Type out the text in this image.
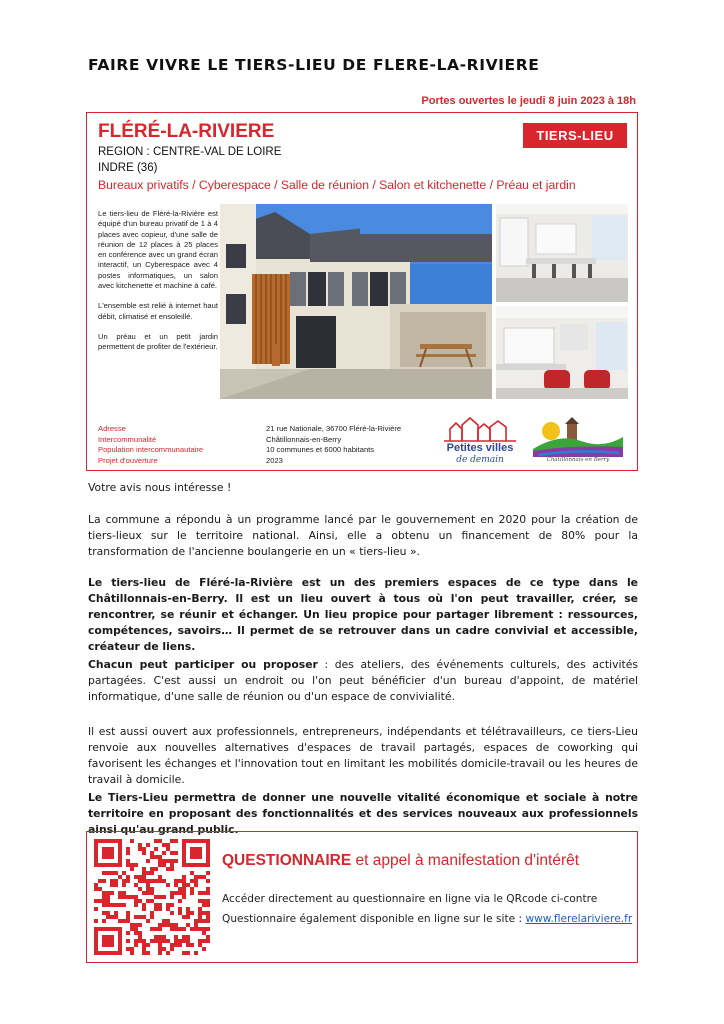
FAIRE VIVRE LE TIERS-LIEU DE FLERE-LA-RIVIERE
Portes ouvertes le jeudi 8 juin 2023 à 18h
FLÉRÉ-LA-RIVIERE
REGION : CENTRE-VAL DE LOIRE
INDRE (36)
Bureaux privatifs / Cyberespace / Salle de réunion / Salon et kitchenette / Préau et jardin
TIERS-LIEU

Le tiers-lieu de Fléré-la-Rivière est équipé d'un bureau privatif de 1 à 4 places avec copieur, d'une salle de réunion de 12 places à 25 places en conférence avec un grand écran interactif, un Cyberespace avec 4 postes informatiques, un salon avec kitchenette et machine à café.

L'ensemble est relié à internet haut débit, climatisé et ensoleillé.

Un préau et un petit jardin permettent de profiter de l'extérieur.

Adresse
Intercommunalité
Population intercommunautaire
Projet d'ouverture
21 rue Nationale, 36700 Fléré-la-Rivière
Châtillonnais-en-Berry
10 communes et 6000 habitants
2023
Petites villes
de demain	Châtillonnais en Berry
Votre avis nous intéresse !
La commune a répondu à un programme lancé par le gouvernement en 2020 pour la création de tiers-lieux sur le territoire national. Ainsi, elle a obtenu un financement de 80% pour la transformation de l'ancienne boulangerie en un « tiers-lieu ».
Le tiers-lieu de Fléré-la-Rivière est un des premiers espaces de ce type dans le Châtillonnais-en-Berry. Il est un lieu ouvert à tous où l'on peut travailler, créer, se rencontrer, se réunir et échanger. Un lieu propice pour partager librement : ressources, compétences, savoirs… Il permet de se retrouver dans un cadre convivial et accessible, créateur de liens.
Chacun peut participer ou proposer : des ateliers, des événements culturels, des activités partagées. C'est aussi un endroit ou l'on peut bénéficier d'un bureau d'appoint, de matériel informatique, d'une salle de réunion ou d'un espace de convivialité.
Il est aussi ouvert aux professionnels, entrepreneurs, indépendants et télétravailleurs, ce tiers-Lieu renvoie aux nouvelles alternatives d'espaces de travail partagés, espaces de coworking qui favorisent les échanges et l'innovation tout en limitant les mobilités domicile-travail ou les heures de travail à domicile.
Le Tiers-Lieu permettra de donner une nouvelle vitalité économique et sociale à notre territoire en proposant des fonctionnalités et des services nouveaux aux professionnels ainsi qu'au grand public.
QUESTIONNAIRE et appel à manifestation d'intérêt
Accéder directement au questionnaire en ligne via le QRcode ci-contre
Questionnaire également disponible en ligne sur le site : www.flerelariviere.fr
